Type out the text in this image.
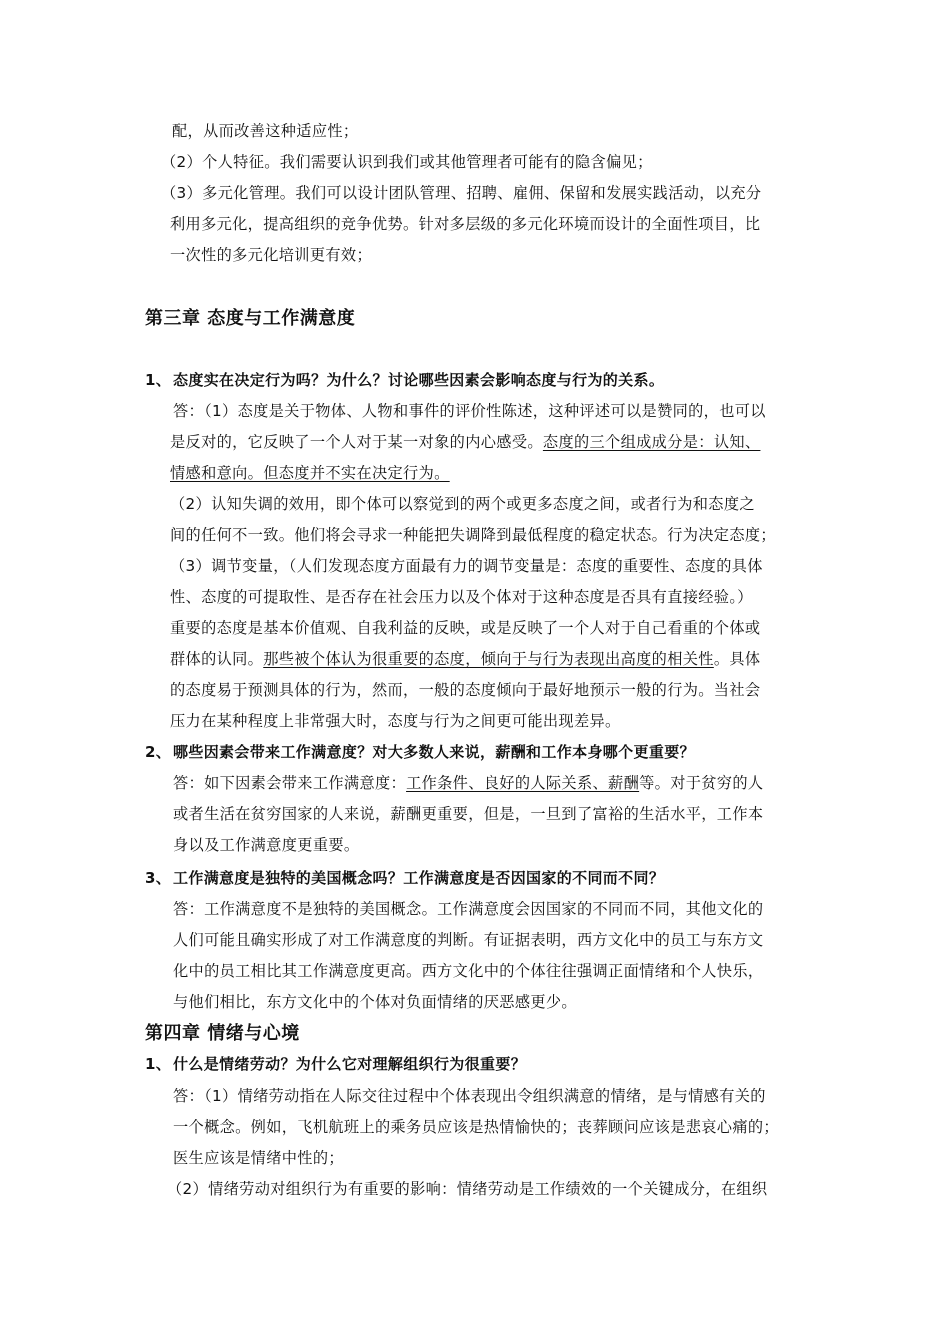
配，从而改善这种适应性；
（2）个人特征。我们需要认识到我们或其他管理者可能有的隐含偏见；
（3）多元化管理。我们可以设计团队管理、招聘、雇佣、保留和发展实践活动，以充分
利用多元化，提高组织的竞争优势。针对多层级的多元化环境而设计的全面性项目，比
一次性的多元化培训更有效；
第三章 态度与工作满意度
1、 态度实在决定行为吗？为什么？讨论哪些因素会影响态度与行为的关系。
答：（1）态度是关于物体、人物和事件的评价性陈述，这种评述可以是赞同的，也可以
是反对的，它反映了一个人对于某一对象的内心感受。态度的三个组成成分是：认知、
情感和意向。但态度并不实在决定行为。
（2）认知失调的效用，即个体可以察觉到的两个或更多态度之间，或者行为和态度之
间的任何不一致。他们将会寻求一种能把失调降到最低程度的稳定状态。行为决定态度；
（3）调节变量，（人们发现态度方面最有力的调节变量是：态度的重要性、态度的具体
性、态度的可提取性、是否存在社会压力以及个体对于这种态度是否具有直接经验。）
重要的态度是基本价值观、自我利益的反映，或是反映了一个人对于自己看重的个体或
群体的认同。那些被个体认为很重要的态度，倾向于与行为表现出高度的相关性。具体
的态度易于预测具体的行为，然而，一般的态度倾向于最好地预示一般的行为。当社会
压力在某种程度上非常强大时，态度与行为之间更可能出现差异。
2、 哪些因素会带来工作满意度？对大多数人来说，薪酬和工作本身哪个更重要？
答：如下因素会带来工作满意度：工作条件、良好的人际关系、薪酬等。对于贫穷的人
或者生活在贫穷国家的人来说，薪酬更重要，但是，一旦到了富裕的生活水平，工作本
身以及工作满意度更重要。
3、 工作满意度是独特的美国概念吗？工作满意度是否因国家的不同而不同？
答：工作满意度不是独特的美国概念。工作满意度会因国家的不同而不同，其他文化的
人们可能且确实形成了对工作满意度的判断。有证据表明，西方文化中的员工与东方文
化中的员工相比其工作满意度更高。西方文化中的个体往往强调正面情绪和个人快乐，
与他们相比，东方文化中的个体对负面情绪的厌恶感更少。
第四章 情绪与心境
1、 什么是情绪劳动？为什么它对理解组织行为很重要？
答：（1）情绪劳动指在人际交往过程中个体表现出令组织满意的情绪，是与情感有关的
一个概念。例如，飞机航班上的乘务员应该是热情愉快的；丧葬顾问应该是悲哀心痛的；
医生应该是情绪中性的；
（2）情绪劳动对组织行为有重要的影响：情绪劳动是工作绩效的一个关键成分，在组织
